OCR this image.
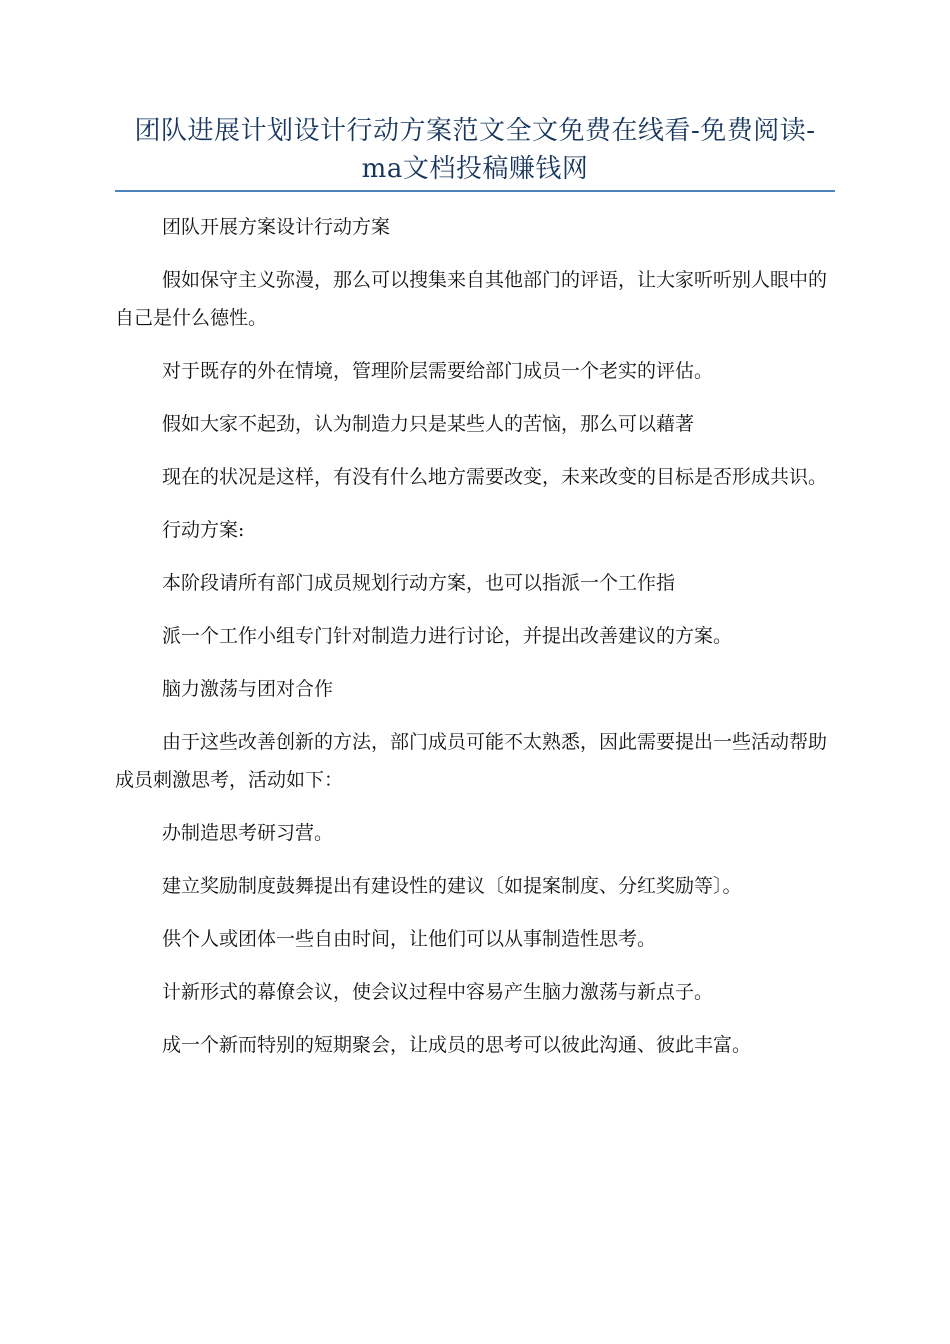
团队进展计划设计行动方案范文全文免费在线看-免费阅读-ma文档投稿赚钱网

团队开展方案设计行动方案

假如保守主义弥漫，那么可以搜集来自其他部门的评语，让大家听听别人眼中的自己是什么德性。

对于既存的外在情境，管理阶层需要给部门成员一个老实的评估。

假如大家不起劲，认为制造力只是某些人的苦恼，那么可以藉著

现在的状况是这样，有没有什么地方需要改变，未来改变的目标是否形成共识。

行动方案:

本阶段请所有部门成员规划行动方案，也可以指派一个工作指

派一个工作小组专门针对制造力进行讨论，并提出改善建议的方案。

脑力激荡与团对合作

由于这些改善创新的方法，部门成员可能不太熟悉，因此需要提出一些活动帮助成员刺激思考，活动如下：

办制造思考研习营。

建立奖励制度鼓舞提出有建设性的建议〔如提案制度、分红奖励等〕。

供个人或团体一些自由时间，让他们可以从事制造性思考。

计新形式的幕僚会议，使会议过程中容易产生脑力激荡与新点子。

成一个新而特别的短期聚会，让成员的思考可以彼此沟通、彼此丰富。
